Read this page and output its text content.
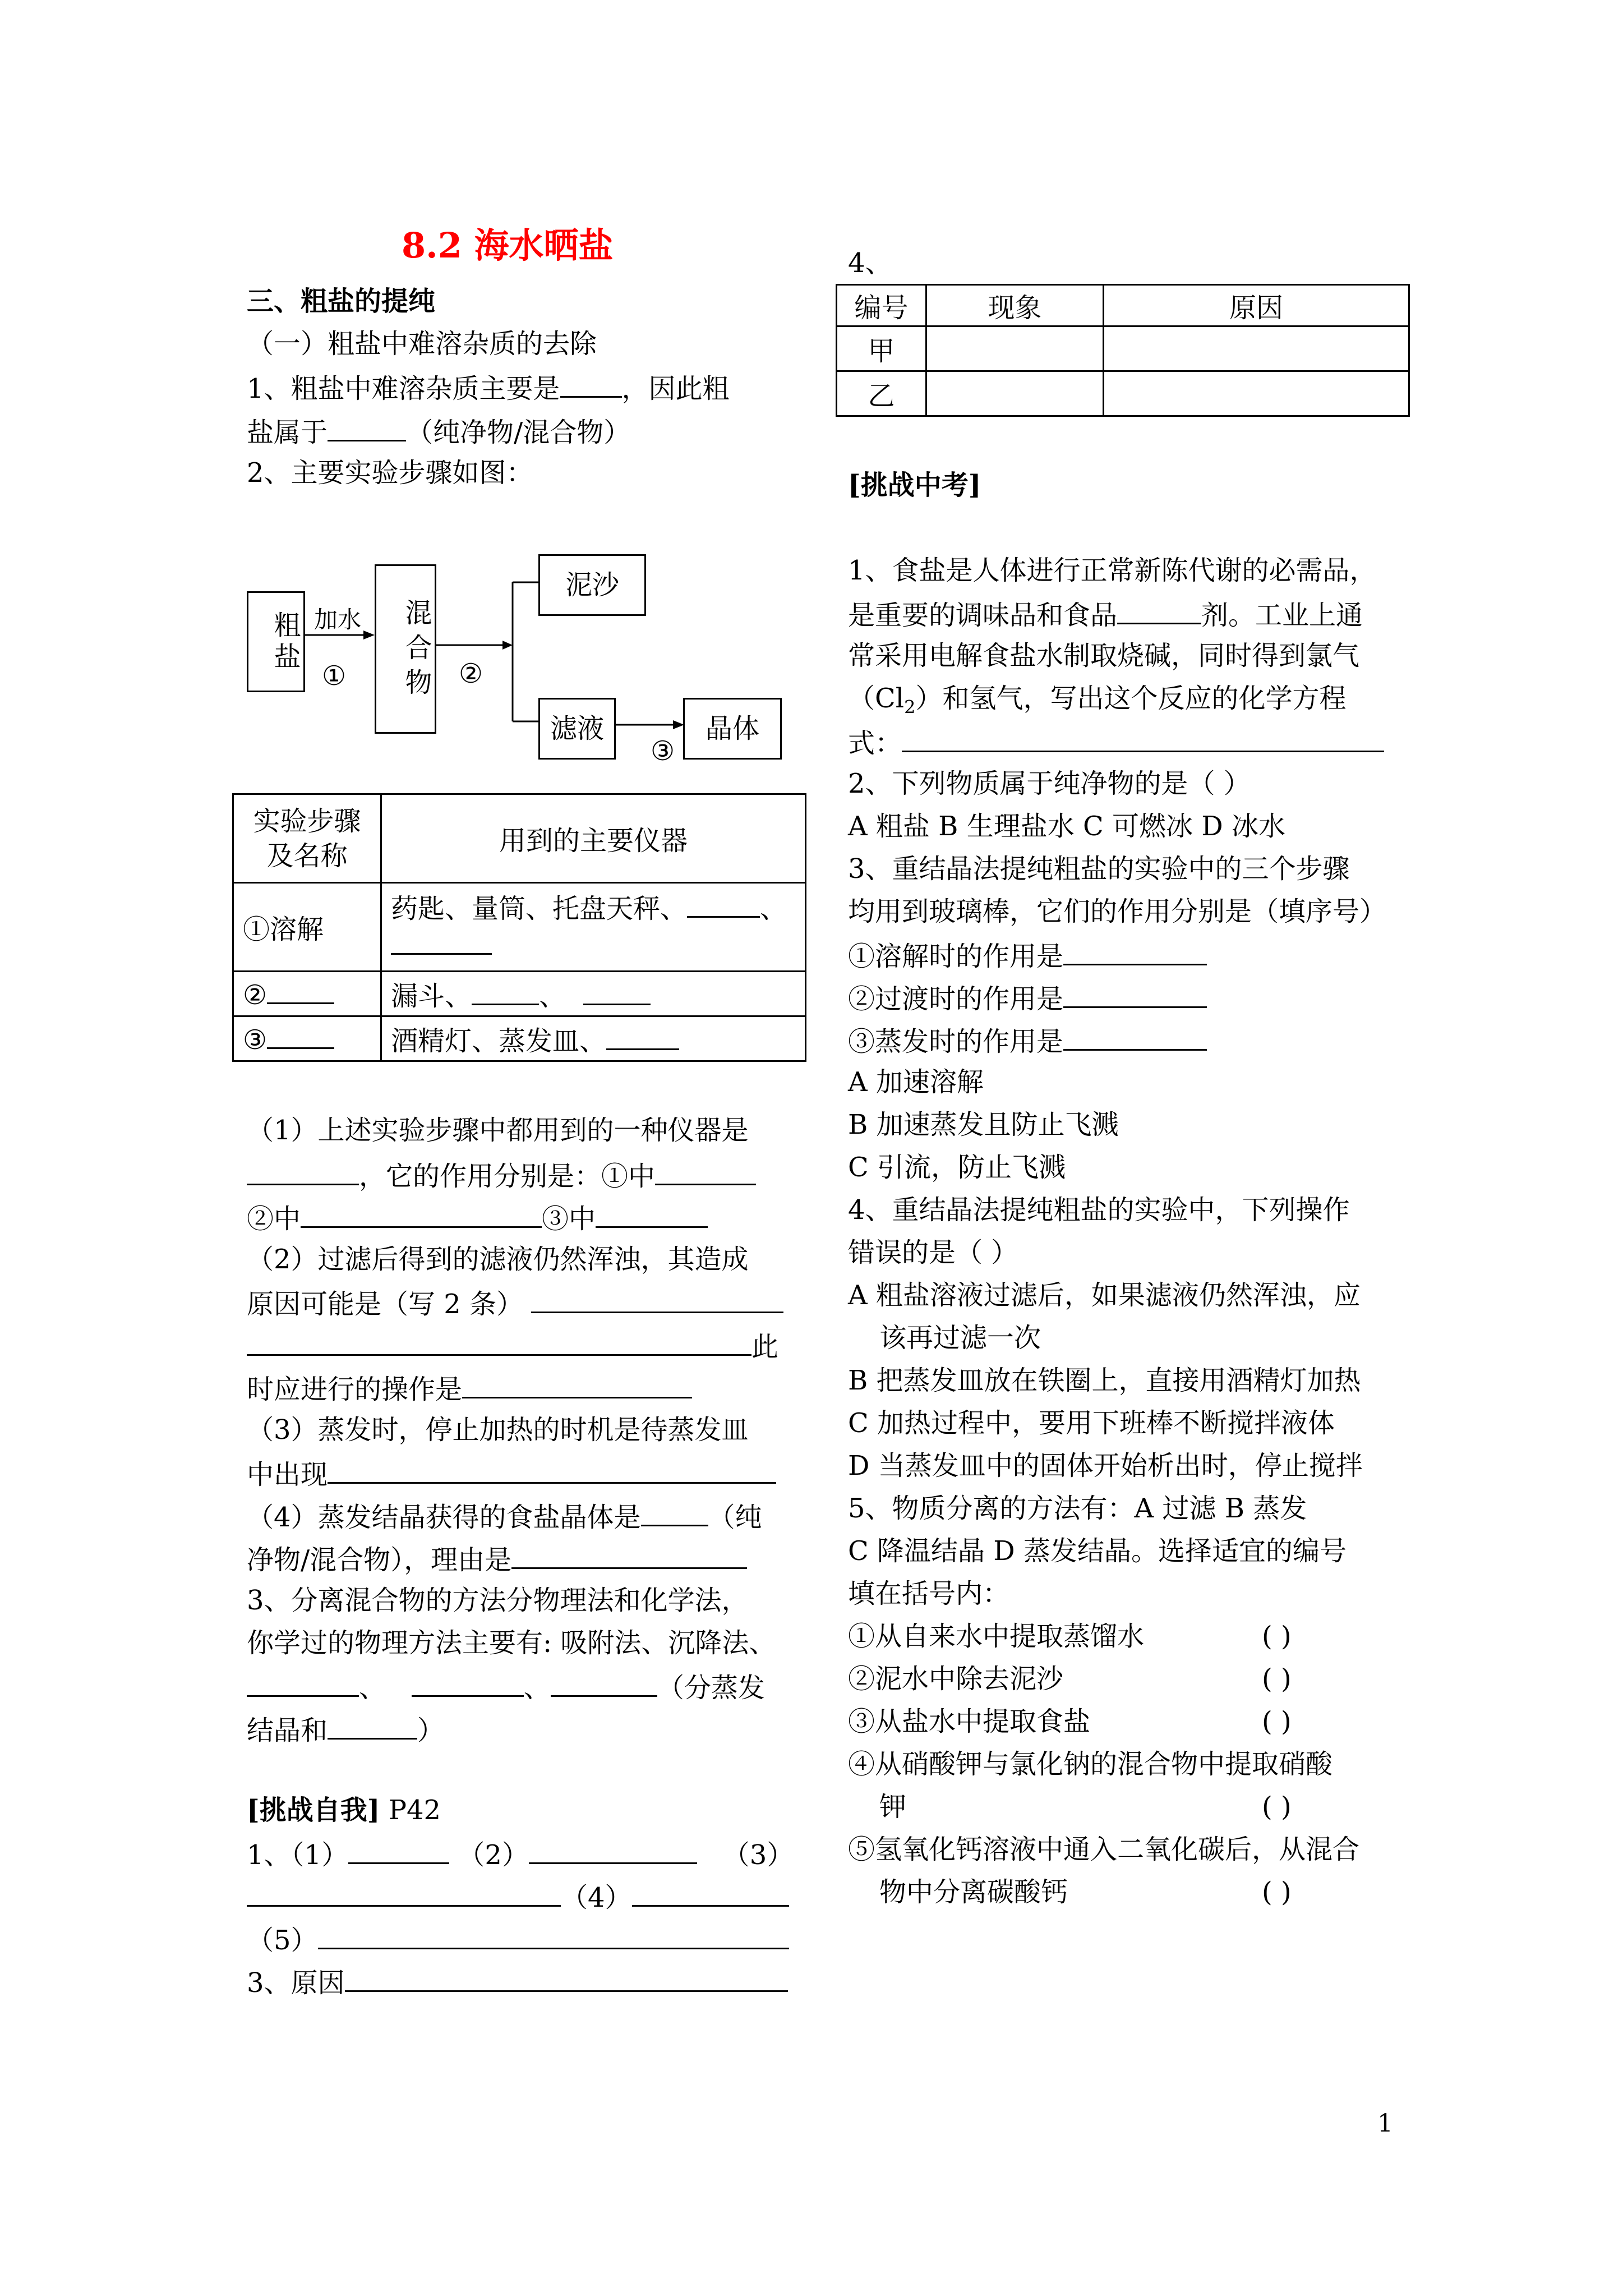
8.2 海水晒盐
三、粗盐的提纯
（一）粗盐中难溶杂质的去除
1、粗盐中难溶杂质主要是 ，因此粗
盐属于	（纯净物/混合物）
2、主要实验步骤如图：
粗盐 加水
①	混合物 ②
泥沙
滤液
③
晶体
实验步骤及名称	用到的主要仪器
①溶解	药匙、量筒、托盘天秤、 、

②	漏斗、 、
③	酒精灯、蒸发皿、
（1）上述实验步骤中都用到的一种仪器是
，它的作用分别是：①中
②中	③中
（2）过滤后得到的滤液仍然浑浊，其造成
原因可能是（写 2 条）
此
时应进行的操作是
（3）蒸发时，停止加热的时机是待蒸发皿
中出现
（4）蒸发结晶获得的食盐晶体是	（纯
净物/混合物），理由是
3、分离混合物的方法分物理法和化学法，
你学过的物理方法主要有: 吸附法、沉降法、
、	、	（分蒸发
结晶和	）
[挑战自我] P42
1、（1）	（2）	（3）
（4）
（5）
3、原因
4、
编号	现象	原因
甲		
乙		
[挑战中考]
1、食盐是人体进行正常新陈代谢的必需品，
是重要的调味品和食品	剂。工业上通
常采用电解食盐水制取烧碱，同时得到氯气
$(Cl_2)$和氢气，写出这个反应的化学方程
式：
2、下列物质属于纯净物的是（ ）
A 粗盐 B 生理盐水 C 可燃冰 D 冰水
3、重结晶法提纯粗盐的实验中的三个步骤
均用到玻璃棒，它们的作用分别是（填序号）
①溶解时的作用是
②过渡时的作用是
③蒸发时的作用是
A 加速溶解
B 加速蒸发且防止飞溅
C 引流，防止飞溅
4、重结晶法提纯粗盐的实验中，下列操作
错误的是（ ）
A 粗盐溶液过滤后，如果滤液仍然浑浊，应
该再过滤一次
B 把蒸发皿放在铁圈上，直接用酒精灯加热
C 加热过程中，要用下班棒不断搅拌液体
D 当蒸发皿中的固体开始析出时，停止搅拌
5、物质分离的方法有：A 过滤 B 蒸发
C 降温结晶 D 蒸发结晶。选择适宜的编号
填在括号内：
①从自来水中提取蒸馏水	( )
②泥水中除去泥沙	( )
③从盐水中提取食盐	( )
④从硝酸钾与氯化钠的混合物中提取硝酸
钾	( )
⑤氢氧化钙溶液中通入二氧化碳后，从混合
物中分离碳酸钙	( )
1
